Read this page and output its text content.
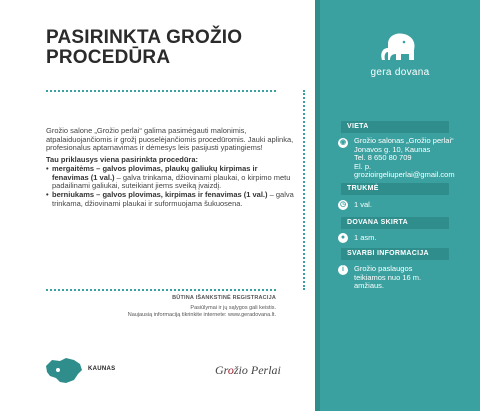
PASIRINKTA GROŽIO PROCEDŪRA

Grožio salone „Grožio perlai“ galima pasimėgauti malonimis, atpalaiduojančiomis ir grožį puoselėjančiomis procedūromis. Jauki aplinka, profesionalus aptarnavimas ir dėmesys leis pasijusti ypatingiems!

Tau priklausys viena pasirinkta procedūra:

• mergaitėms – galvos plovimas, plaukų galiukų kirpimas ir fenavimas (1 val.) – galva trinkama, džiovinami plaukai, o kirpimo metu padailinami galiukai, suteikiant jiems sveiką įvaizdį.
• berniukams – galvos plovimas, kirpimas ir fenavimas (1 val.) – galva trinkama, džiovinami plaukai ir suformuojama šukuosena.
BŪTINA IŠANKSTINĖ REGISTRACIJA
Pasiūlymai ir jų sąlygos gali keistis.
Naujausią informaciją tikrinkite internete: www.geradovana.lt.
KAUNAS	Grožio Perlai
gera dovana
VIETA
◉ Grožio salonas „Grožio perlai“
Jonavos g. 10, Kaunas
Tel. 8 650 80 709
El. p.
grozioirgeliuperlai@gmail.com
TRUKMĖ
◷ 1 val.
DOVANA SKIRTA
●	1 asm.
SVARBI INFORMACIJA
i	Grožio paslaugos
teikiamos nuo 16 m.
amžiaus.
